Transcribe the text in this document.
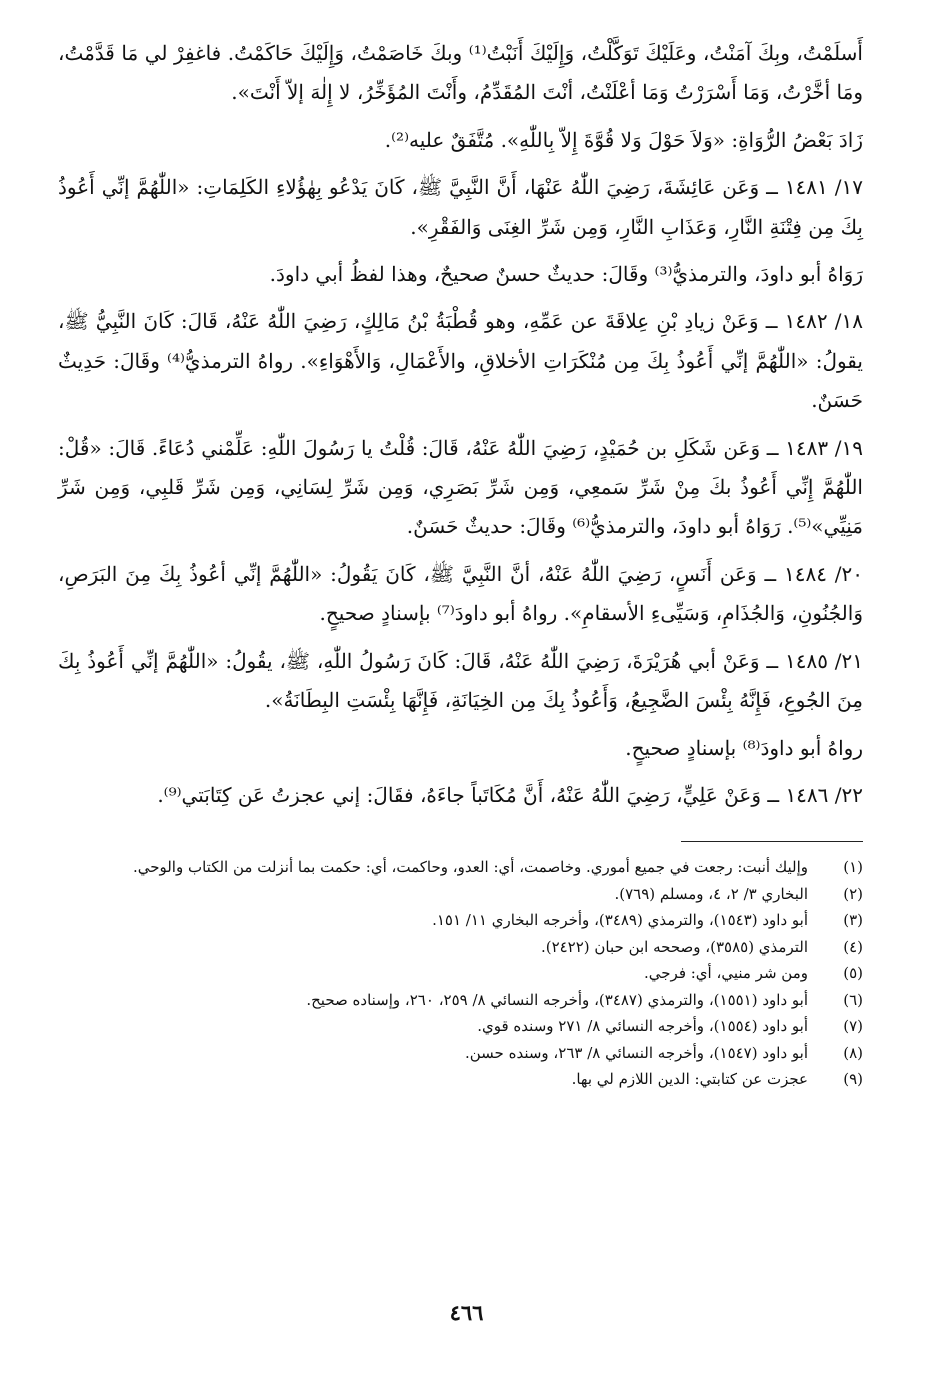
أَسلَمْتُ، وبِكَ آمَنْتُ، وعَلَيْكَ تَوَكَّلْتُ، وَإِلَيْكَ أَنَبْتُ⁽¹⁾ وبكَ خَاصَمْتُ، وَإِلَيْكَ حَاكَمْتُ. فاغفِرْ لي مَا قَدَّمْتُ، ومَا أخَّرْتُ، وَمَا أَسْرَرْتُ وَمَا أعْلَنْتُ، أنْتَ المُقَدِّمُ، وأَنْتَ المُؤَخِّرُ، لا إِلٰهَ إلاّ أَنْتَ».

زَادَ بَعْضُ الرُّوَاةِ: «وَلاَ حَوْلَ وَلا قُوَّةَ إِلاّ بِاللّٰهِ». مُتَّفَقٌ عليه⁽²⁾.

١٧/ ١٤٨١ ــ وَعَن عَائِشَةَ، رَضِيَ اللّٰهُ عَنْهَا، أَنَّ النَّبِيَّ ﷺ، كَانَ يَدْعُو بِهٰؤُلاءِ الكَلِمَاتِ: «اللّٰهُمَّ إنِّي أَعُوذُ بِكَ مِن فِتْنَةِ النَّارِ، وَعَذَابِ النَّارِ، وَمِن شَرِّ الغِنَى وَالفَقْرِ».

رَوَاهُ أبو داودَ، والترمذيُّ⁽³⁾ وقَالَ: حديثٌ حسنٌ صحيحٌ، وهذا لفظُ أبي داودَ.

١٨/ ١٤٨٢ ــ وَعَنْ زيادِ بْنِ عِلاقَةَ عن عَمِّهِ، وهو قُطْبَةُ بْنُ مَالِكٍ، رَضِيَ اللّٰهُ عَنْهُ، قَالَ: كَانَ النَّبِيُّ ﷺ، يقولُ: «اللّٰهُمَّ إنِّي أَعُوذُ بِكَ مِن مُنْكَرَاتِ الأخلاقِ، والأَعْمَالِ، وَالأَهْوَاءِ». رواهُ الترمذيُّ⁽⁴⁾ وقَالَ: حَدِيثٌ حَسَنٌ.

١٩/ ١٤٨٣ ــ وَعَن شَكَلِ بن حُمَيْدٍ، رَضِيَ اللّٰهُ عَنْهُ، قَالَ: قُلْتُ يا رَسُولَ اللّٰهِ: عَلِّمْني دُعَاءً. قَالَ: «قُلْ: اللّٰهُمَّ إِنِّي أَعُوذُ بكَ مِنْ شَرِّ سَمعِي، وَمِن شَرِّ بَصَرِي، وَمِن شَرِّ لِسَانِي، وَمِن شَرِّ قَلبِي، وَمِن شَرِّ مَنِيِّي»⁽⁵⁾. رَوَاهُ أبو داودَ، والترمذيُّ⁽⁶⁾ وقَالَ: حديثٌ حَسَنٌ.

٢٠/ ١٤٨٤ ــ وَعَن أَنَسٍ، رَضِيَ اللّٰهُ عَنْهُ، أنَّ النَّبِيَّ ﷺ، كَانَ يَقُولُ: «اللّٰهُمَّ إنِّي أعُوذُ بِكَ مِنَ البَرَصِ، وَالجُنُونِ، وَالجُذَامِ، وَسَيِّىءِ الأسقامِ». رواهُ أبو داودَ⁽⁷⁾ بإسنادٍ صحيحٍ.

٢١/ ١٤٨٥ ــ وَعَنْ أبي هُرَيْرَةَ، رَضِيَ اللّٰهُ عَنْهُ، قَالَ: كَانَ رَسُولُ اللّٰهِ، ﷺ، يقُولُ: «اللّٰهُمَّ إنِّي أَعُوذُ بِكَ مِنَ الجُوعِ، فَإِنَّهُ بِئْسَ الضَّجِيعُ، وَأَعُوذُ بِكَ مِن الخِيَانَةِ، فَإِنَّهَا بِئْسَتِ البِطَانَةُ».

رواهُ أبو داودَ⁽⁸⁾ بإسنادٍ صحيحٍ.

٢٢/ ١٤٨٦ ــ وَعَنْ عَلِيٍّ، رَضِيَ اللّٰهُ عَنْهُ، أَنَّ مُكَاتَباً جاءَهُ، فقَالَ: إني عجزتُ عَن كِتَابَتي⁽⁹⁾.

(١)
وإليك أنبت: رجعت في جميع أموري. وخاصمت، أي: العدو، وحاكمت، أي: حكمت بما أنزلت من الكتاب والوحي.
(٢)
البخاري ٣/ ٢، ٤، ومسلم (٧٦٩).
(٣)
أبو داود (١٥٤٣)، والترمذي (٣٤٨٩)، وأخرجه البخاري ١١/ ١٥١.
(٤)
الترمذي (٣٥٨٥)، وصححه ابن حبان (٢٤٢٢).
(٥)
ومن شر منيي، أي: فرجي.
(٦)
أبو داود (١٥٥١)، والترمذي (٣٤٨٧)، وأخرجه النسائي ٨/ ٢٥٩، ٢٦٠، وإسناده صحيح.
(٧)
أبو داود (١٥٥٤)، وأخرجه النسائي ٨/ ٢٧١ وسنده قوي.
(٨)
أبو داود (١٥٤٧)، وأخرجه النسائي ٨/ ٢٦٣، وسنده حسن.
(٩)
عجزت عن كتابتي: الدين اللازم لي بها.
٤٦٦
